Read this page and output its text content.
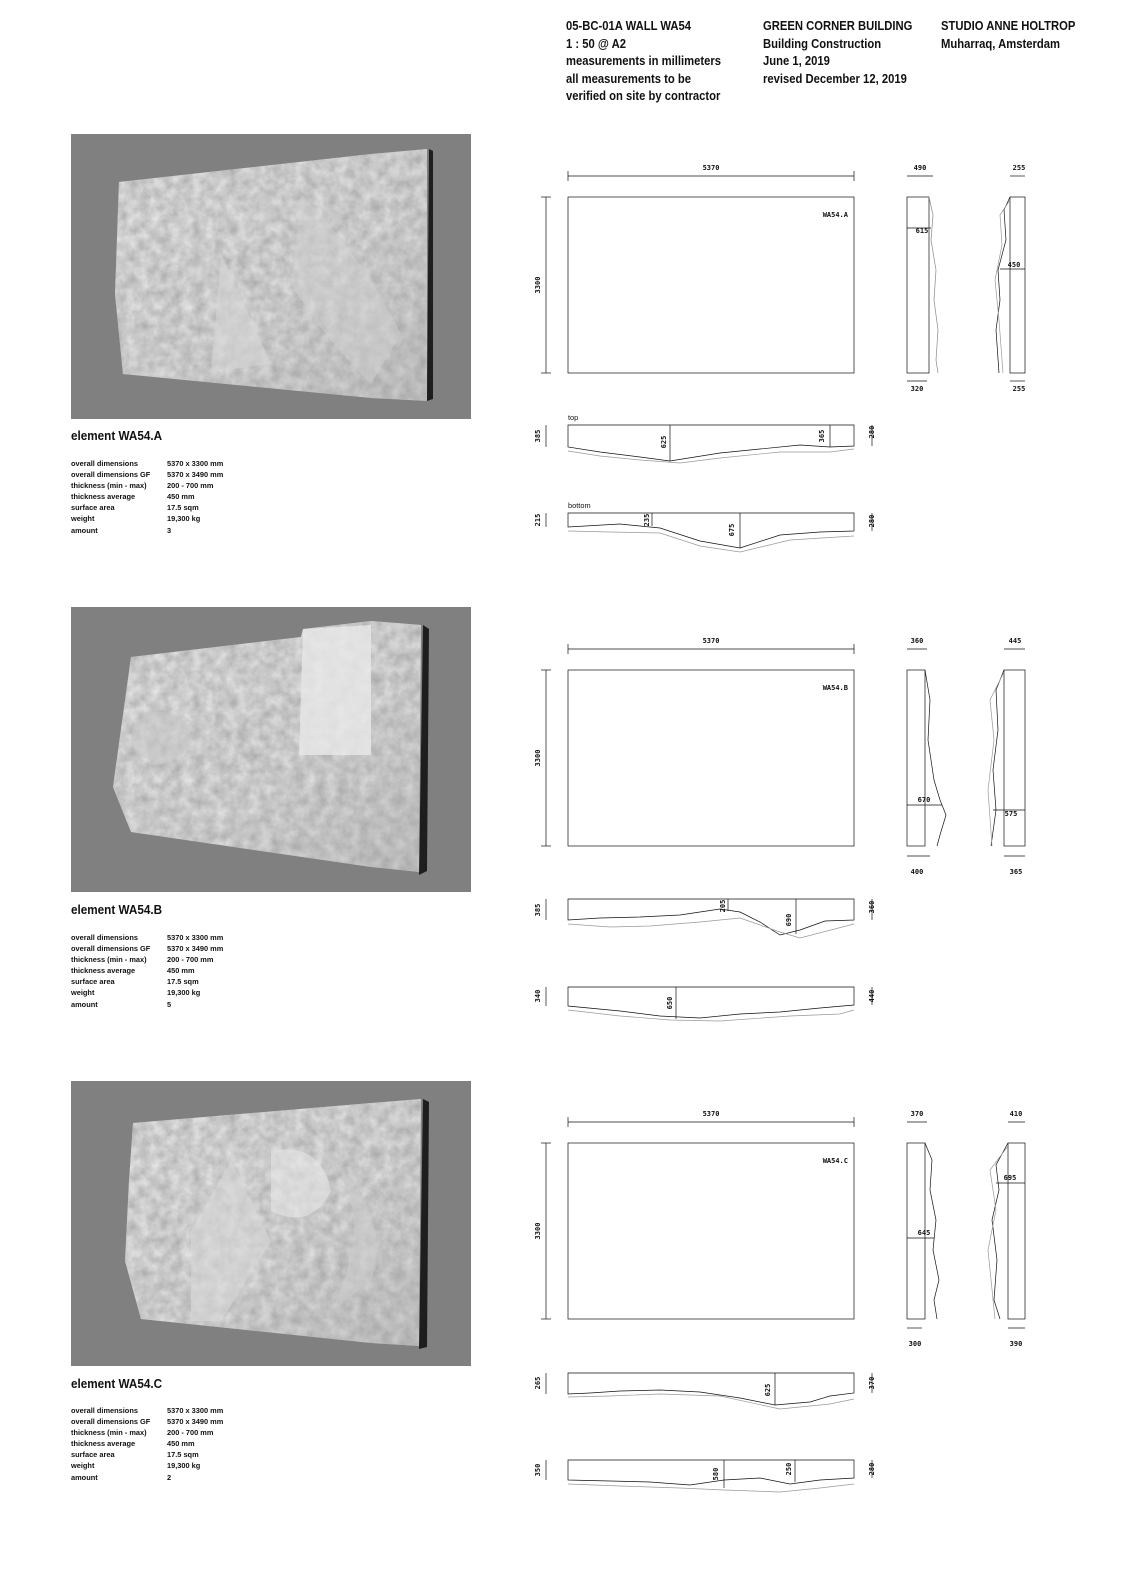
05-BC-01A WALL WA54
1 : 50 @ A2
measurements in millimeters
all measurements to be
verified on site by contractor
GREEN CORNER BUILDING
Building Construction
June 1, 2019
revised December 12, 2019
STUDIO ANNE HOLTROP
Muharraq, Amsterdam
element WA54.A
overall dimensions	5370 x 3300 mm
overall dimensions GF	5370 x 3490 mm
thickness (min - max)	200 - 700 mm
thickness average	450 mm
surface area	17.5 sqm
weight	19,300 kg
amount	3
5370
3300
WA54.A
490
615
320
255
450
255
top
385	625	365	280
bottom
215	235
675
280
element WA54.B
overall dimensions	5370 x 3300 mm
overall dimensions GF	5370 x 3490 mm
thickness (min - max)	200 - 700 mm
thickness average	450 mm
surface area	17.5 sqm
weight	19,300 kg
amount	5
5370
3300
WA54.B
360
670
400
445
575
365
385	205
690
360
340
650
440
element WA54.C
overall dimensions	5370 x 3300 mm
overall dimensions GF	5370 x 3490 mm
thickness (min - max)	200 - 700 mm
thickness average	450 mm
surface area	17.5 sqm
weight	19,300 kg
amount	2
5370
3300
WA54.C
370
645
300
410
695
390
265
625
370
350	580	250	280
